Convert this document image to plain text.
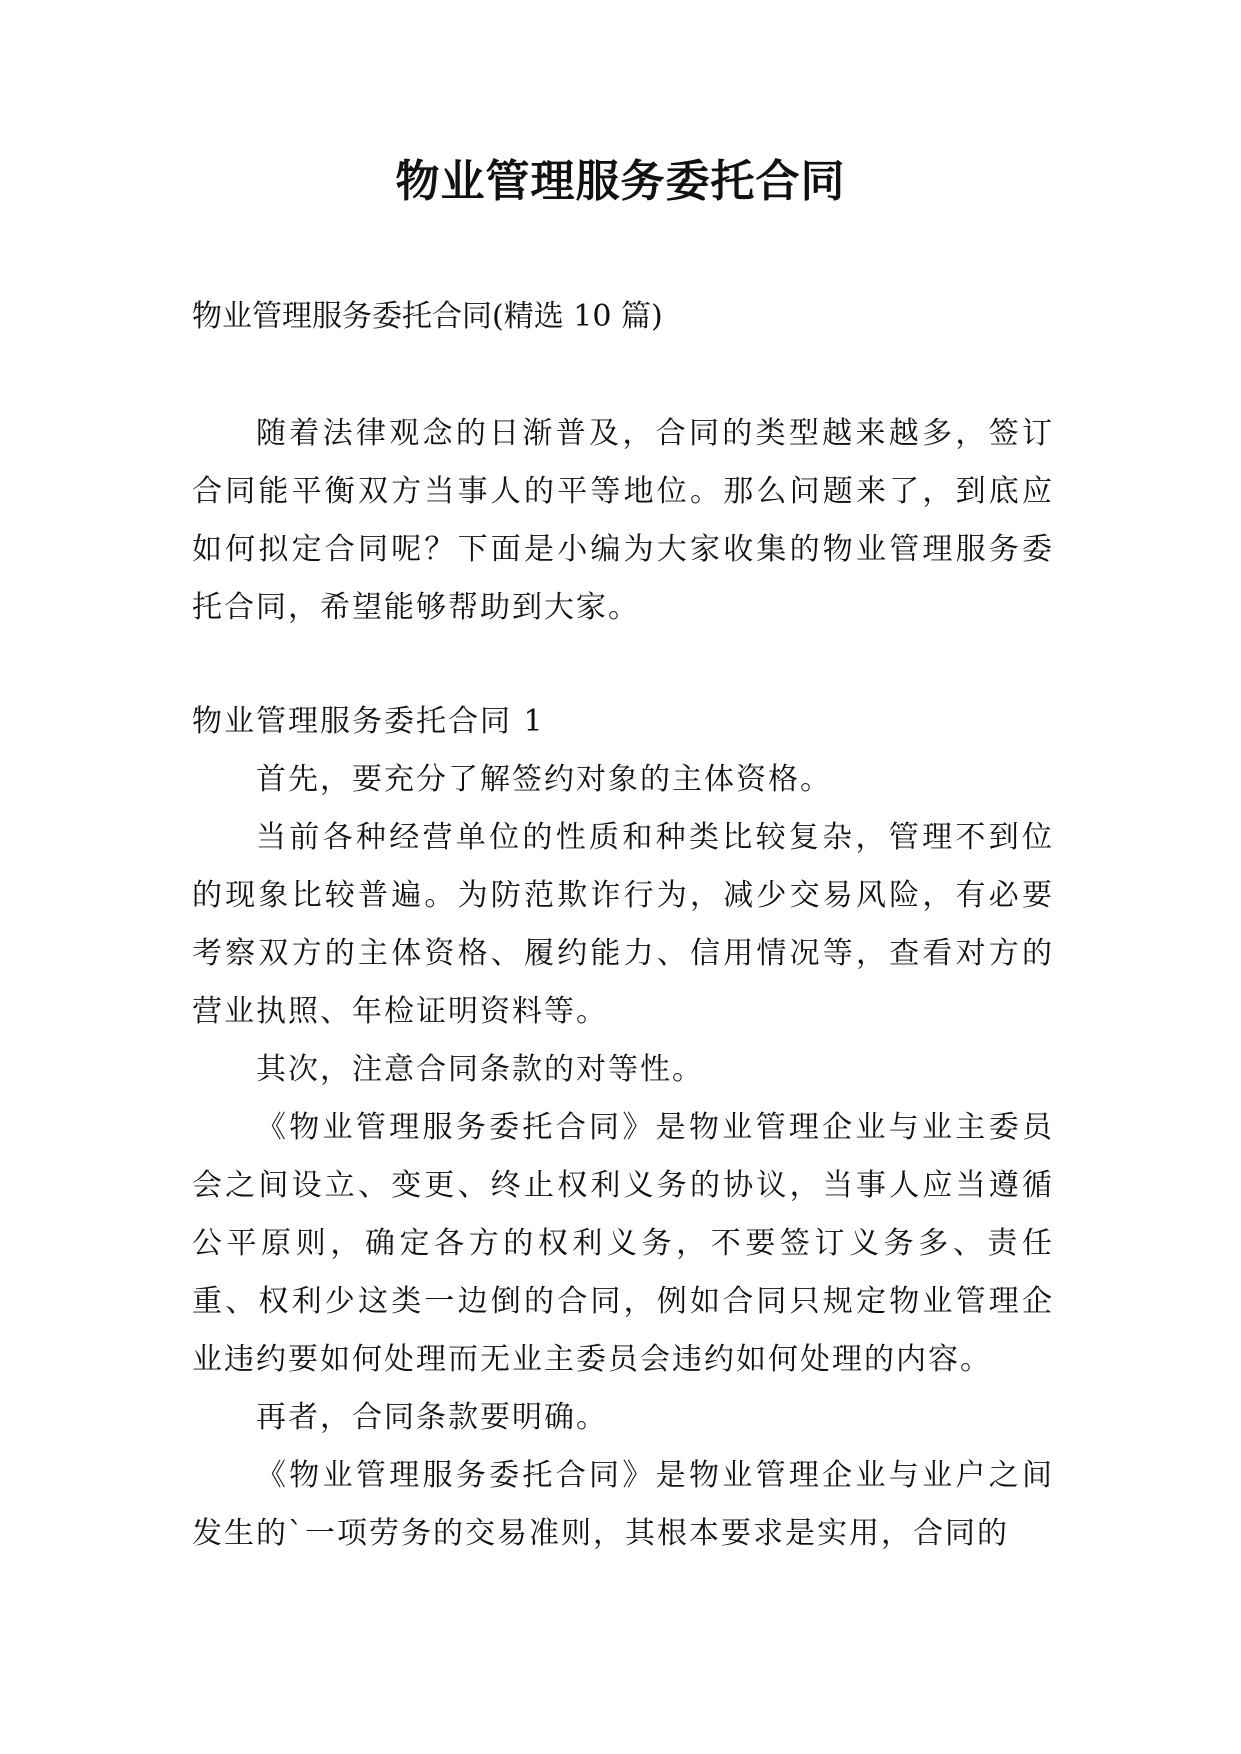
物业管理服务委托合同
物业管理服务委托合同(精选 10 篇)

随着法律观念的日渐普及，合同的类型越来越多，签订合同能平衡双方当事人的平等地位。那么问题来了，到底应如何拟定合同呢？下面是小编为大家收集的物业管理服务委托合同，希望能够帮助到大家。

物业管理服务委托合同 1

首先，要充分了解签约对象的主体资格。

当前各种经营单位的性质和种类比较复杂，管理不到位的现象比较普遍。为防范欺诈行为，减少交易风险，有必要考察双方的主体资格、履约能力、信用情况等，查看对方的营业执照、年检证明资料等。

其次，注意合同条款的对等性。

《物业管理服务委托合同》是物业管理企业与业主委员会之间设立、变更、终止权利义务的协议，当事人应当遵循公平原则，确定各方的权利义务，不要签订义务多、责任重、权利少这类一边倒的合同，例如合同只规定物业管理企业违约要如何处理而无业主委员会违约如何处理的内容。

再者，合同条款要明确。

《物业管理服务委托合同》是物业管理企业与业户之间发生的`一项劳务的交易准则，其根本要求是实用，合同的
